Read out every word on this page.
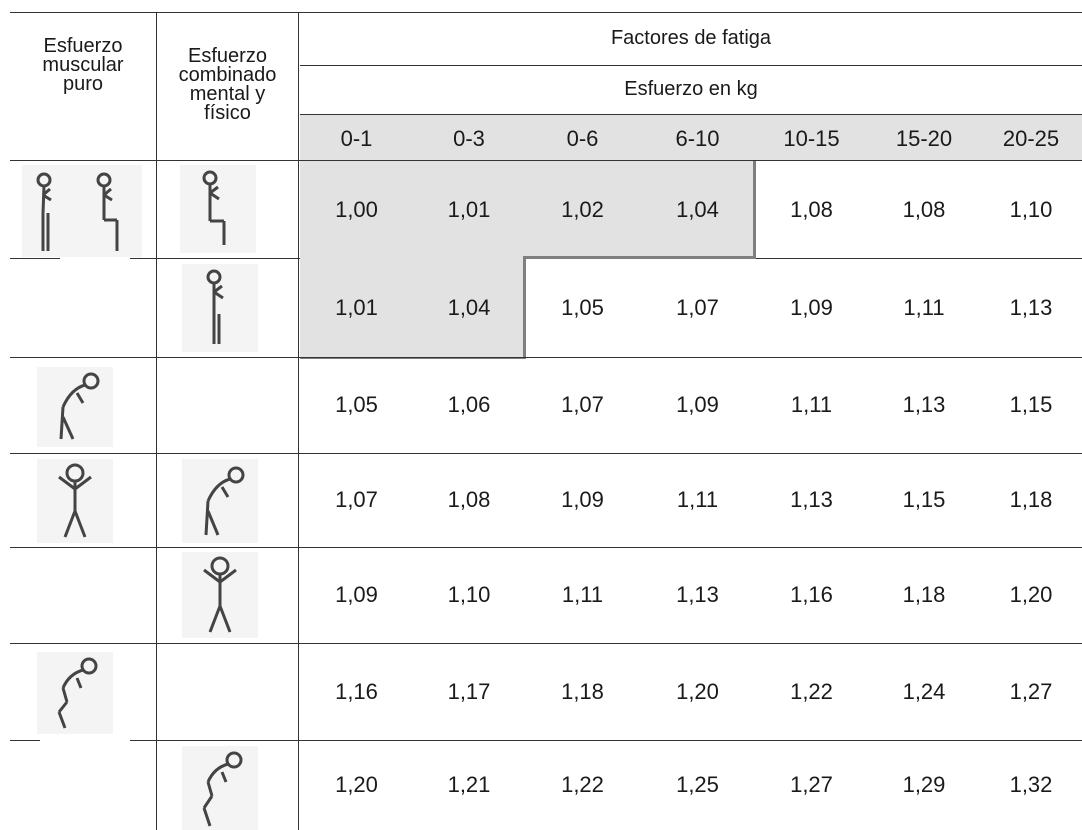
Esfuerzo
muscular
puro
Esfuerzo
combinado
mental y
físico
Factores de fatiga
Esfuerzo en kg
0-1	0-3	0-6	6-10	10-15	15-20	20-25
1,00	1,01	1,02	1,04	1,08	1,08	1,10
1,01	1,04	1,05	1,07	1,09	1,11	1,13
1,05	1,06	1,07	1,09	1,11	1,13	1,15
1,07	1,08	1,09	1,11	1,13	1,15	1,18
1,09	1,10	1,11	1,13	1,16	1,18	1,20
1,16	1,17	1,18	1,20	1,22	1,24	1,27
1,20	1,21	1,22	1,25	1,27	1,29	1,32
